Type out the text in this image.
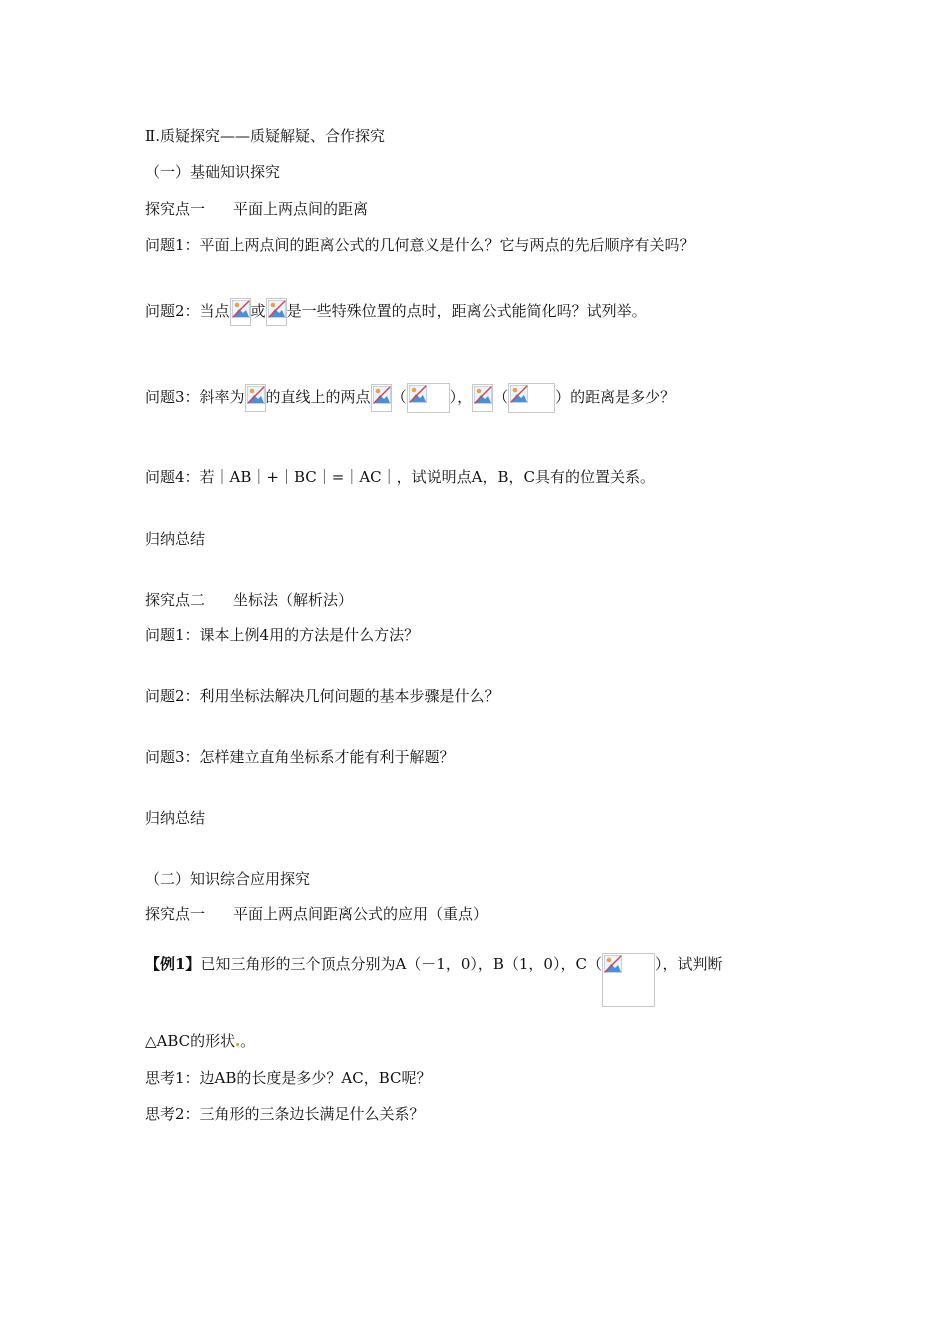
Ⅱ.质疑探究——质疑解疑、合作探究
（一）基础知识探究
探究点一 平面上两点间的距离
问题1：平面上两点间的距离公式的几何意义是什么？它与两点的先后顺序有关吗？
问题2：当点 或 是一些特殊位置的点时，距离公式能简化吗？试列举。
问题3：斜率为 的直线上的两点 （	）， （	）的距离是多少？
问题4：若｜AB｜+｜BC｜=｜AC｜，试说明点A，B，C具有的位置关系。
归纳总结
探究点二 坐标法（解析法）
问题1：课本上例4用的方法是什么方法？
问题2：利用坐标法解决几何问题的基本步骤是什么？
问题3：怎样建立直角坐标系才能有利于解题？
归纳总结
（二）知识综合应用探究
探究点一 平面上两点间距离公式的应用（重点）
【例1】已知三角形的三个顶点分别为A（－1，0），B（1，0），C（	），试判断
△ABC的形状 。
思考1：边AB的长度是多少？AC，BC呢？
思考2：三角形的三条边长满足什么关系？
